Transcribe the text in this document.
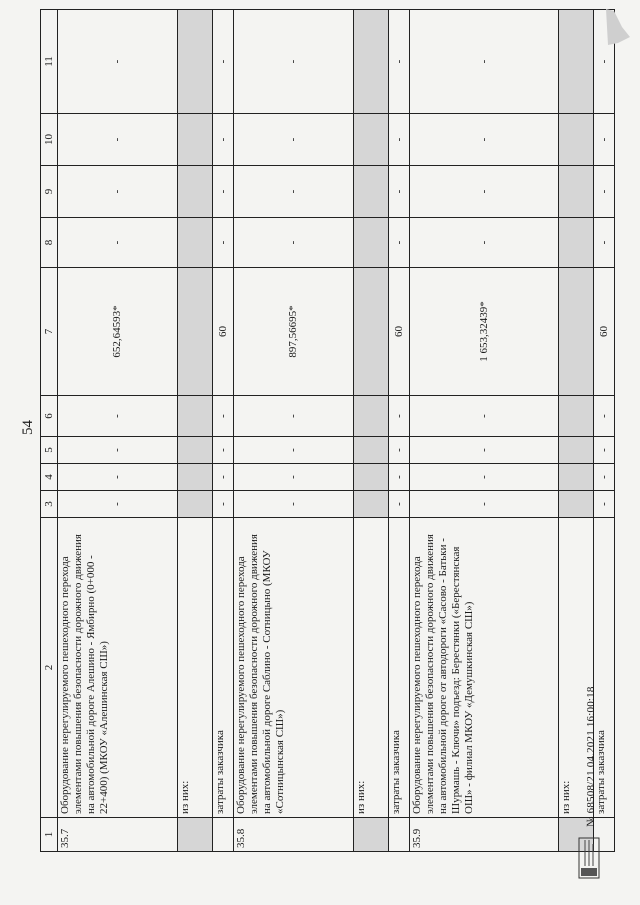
54
1	2	3	4	5	6	7	8	9	10	11
35.7	Оборудование нерегулируемого пешеходного перехода элементами повышения безопасности дорожного движения на автомобильной дороге Алешино - Ямбирно (0+000 - 22+400) (МКОУ «Алешинская СШ»)	-	-	-	-	652,64593*	-	-	-	-
	из них:									
	затраты заказчика	-	-	-	-	60	-	-	-	-
35.8	Оборудование нерегулируемого пешеходного перехода элементами повышения безопасности дорожного движения на автомобильной дороге Саблино - Сотницыно (МКОУ «Сотницынская СШ»)	-	-	-	-	897,56695*	-	-	-	-
	из них:									
	затраты заказчика	-	-	-	-	60	-	-	-	-
35.9	Оборудование нерегулируемого пешеходного перехода элементами повышения безопасности дорожного движения на автомобильной дороге от автодороги «Сасово - Батьки - Шурмашь - Ключи» подъезд: Берестянки («Берестянская ОШ» - филиал МКОУ «Демушкинская СШ»)	-	-	-	-	1 653,32439*	-	-	-	-
	из них:									
	затраты заказчика	-	-	-	-	60	-	-	-	-
№ 68508/21.04.2021 16:00:18
